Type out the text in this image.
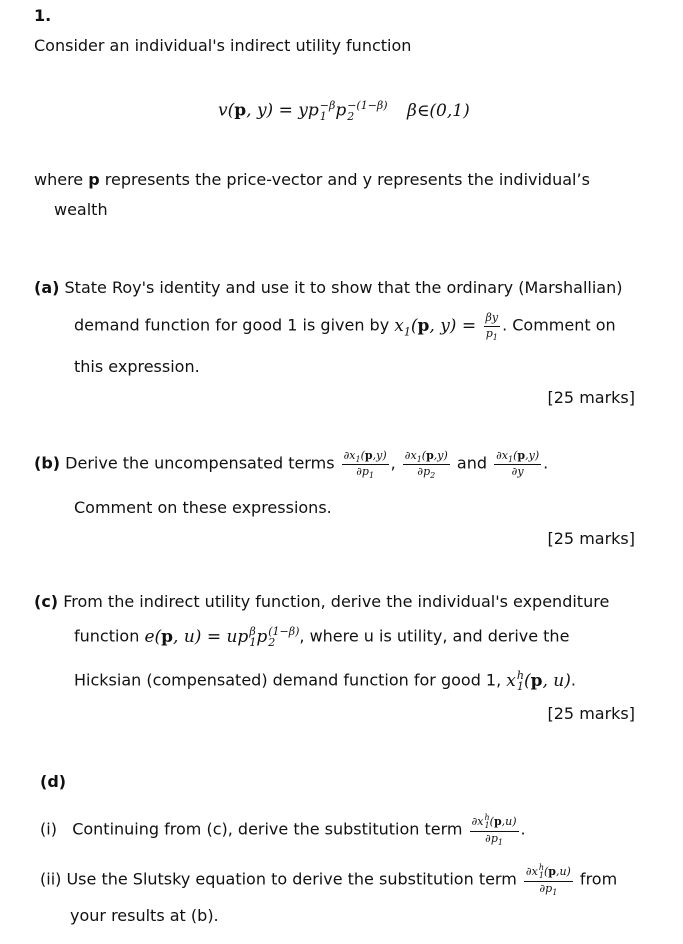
1.
Consider an individual's indirect utility function
v(p, y) = yp −β
1 p −(1−β)
2	β∈(0,1)
where p represents the price-vector and y represents the individual’s
wealth
(a) State Roy's identity and use it to show that the ordinary (Marshallian)
demand function for good 1 is given by $x_1(p$, $y) = \frac{\beta y}{p_1}$ . Comment on
this expression.
[25 marks]
(b) Derive the uncompensated terms $\frac{\partial x_1(p,y)}{\partial p_1}$ , $\frac{\partial x_1(p,y)}{\partial p_2}$ and $\frac{\partial x_1(p,y)}{\partial y}$ .
Comment on these expressions.
[25 marks]
(c) From the indirect utility function, derive the individual's expenditure
function e(p, u) = up β
1 p (1−β)
2	, where u is utility, and derive the
Hicksian (compensated) demand function for good 1, x h
1 (p, u).
[25 marks]
(d)
(i) Continuing from (c), derive the substitution term ∂x h
1 (p,u)
$\partial p_1$ .
(ii) Use the Slutsky equation to derive the substitution term ∂x h
1 (p,u)
$\partial p_1$ from
your results at (b).
